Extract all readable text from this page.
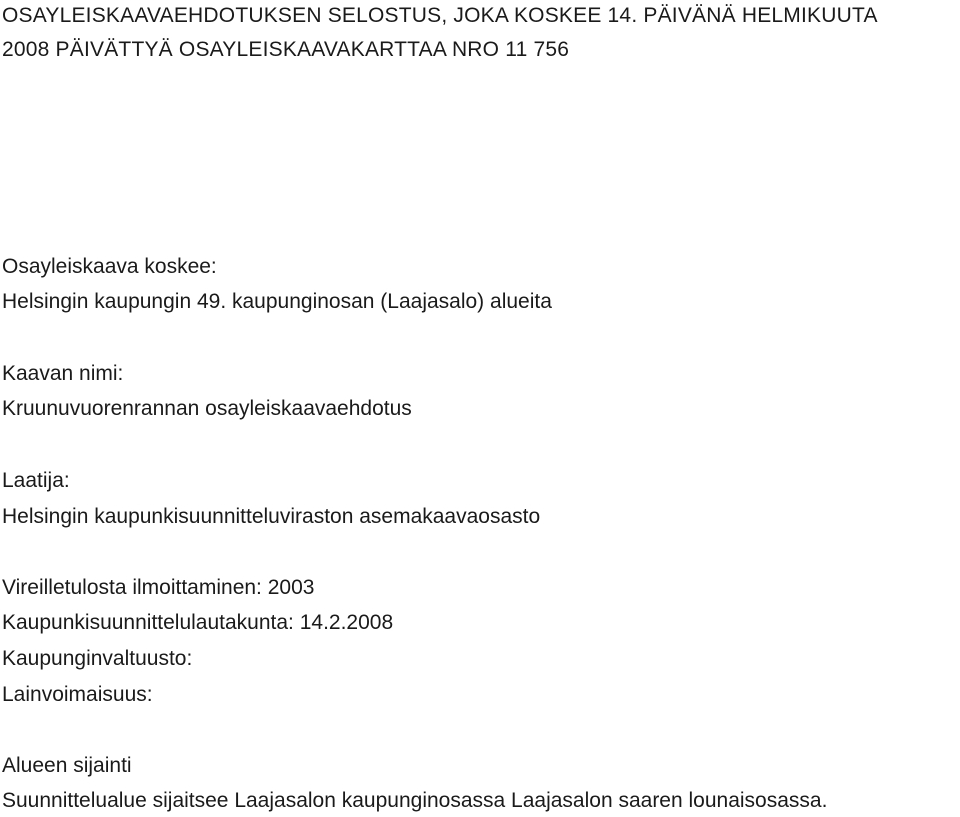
OSAYLEISKAAVAEHDOTUKSEN SELOSTUS, JOKA KOSKEE 14. PÄIVÄNÄ HELMIKUUTA
2008 PÄIVÄTTYÄ OSAYLEISKAAVAKARTTAA NRO 11 756
Osayleiskaava koskee:
Helsingin kaupungin 49. kaupunginosan (Laajasalo) alueita
Kaavan nimi:
Kruunuvuorenrannan osayleiskaavaehdotus
Laatija:
Helsingin kaupunkisuunnitteluviraston asemakaavaosasto
Vireilletulosta ilmoittaminen: 2003
Kaupunkisuunnittelulautakunta: 14.2.2008
Kaupunginvaltuusto:
Lainvoimaisuus:
Alueen sijainti
Suunnittelualue sijaitsee Laajasalon kaupunginosassa Laajasalon saaren lounaisosassa.
